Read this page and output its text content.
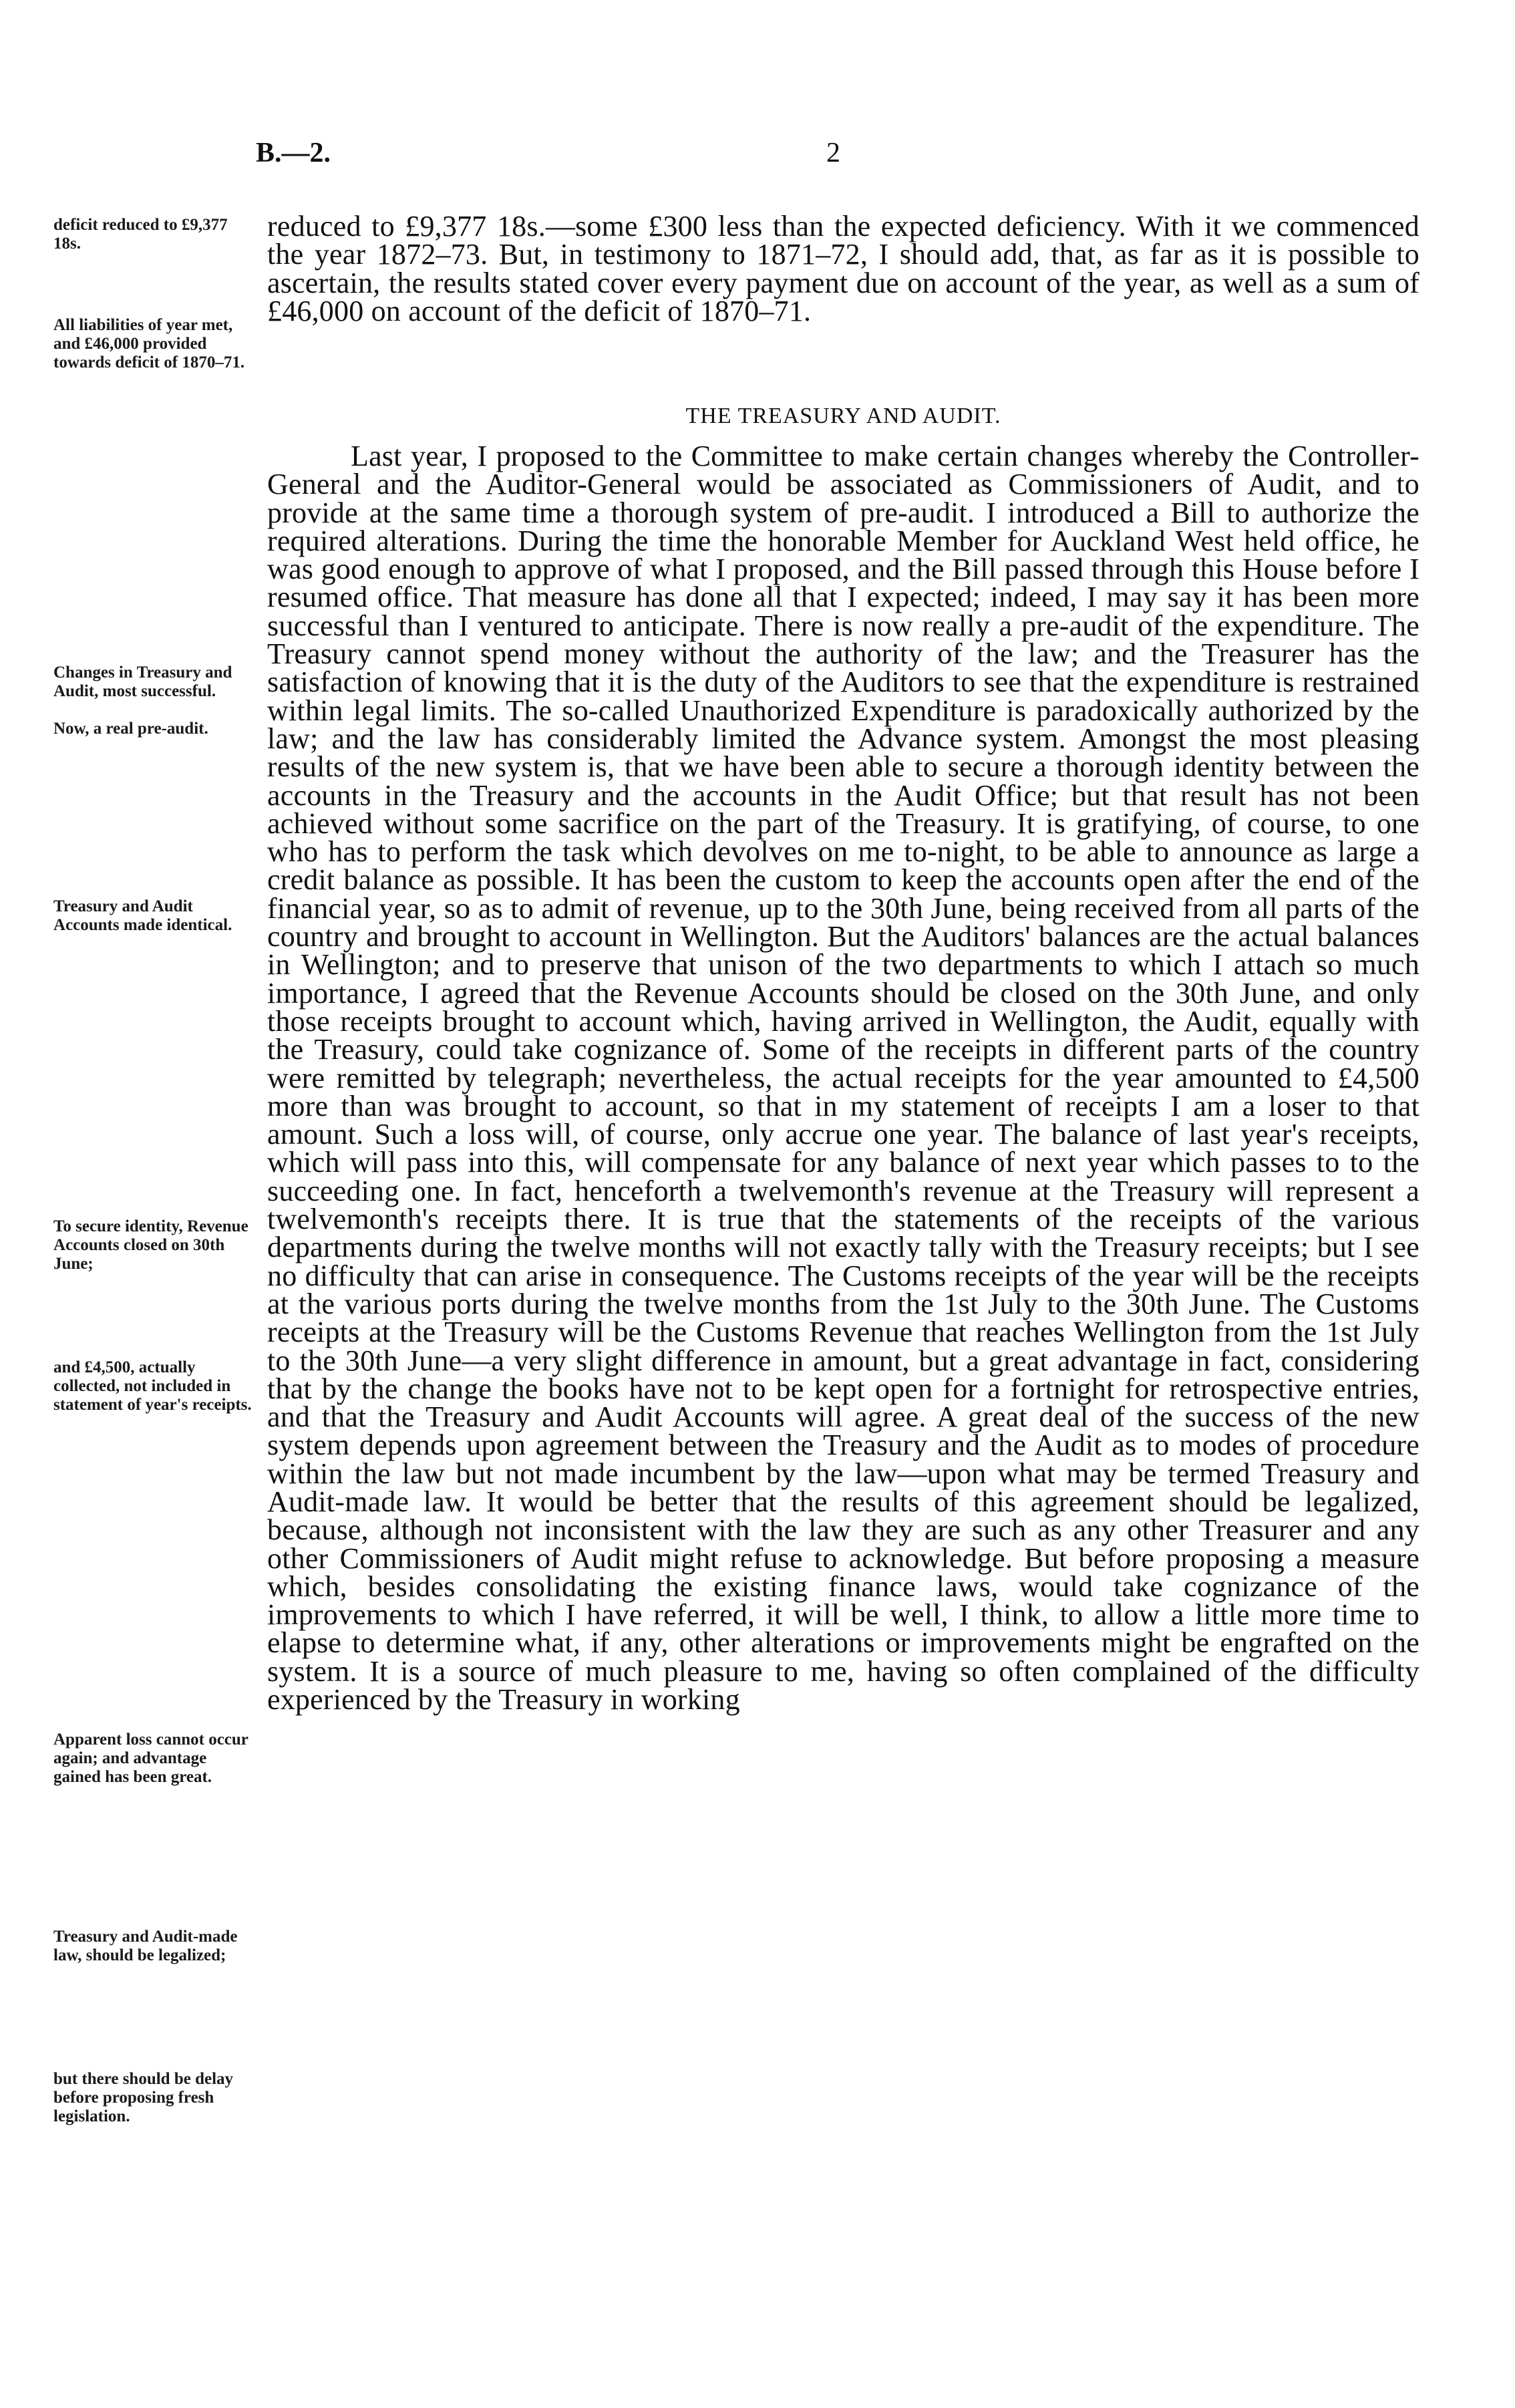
B.—2.	2
deficit reduced to £9,377 18s.
All liabilities of year met, and £46,000 provided towards deficit of 1870–71.
Changes in Treasury and Audit, most successful.
Now, a real pre-audit.
Treasury and Audit Accounts made identical.
To secure identity, Revenue Accounts closed on 30th June;
and £4,500, actually collected, not included in statement of year's receipts.
Apparent loss cannot occur again; and advantage gained has been great.
Treasury and Audit-made law, should be legalized;
but there should be delay before proposing fresh legislation.

reduced to £9,377 18s.—some £300 less than the expected deficiency. With it we commenced the year 1872–73. But, in testimony to 1871–72, I should add, that, as far as it is possible to ascertain, the results stated cover every payment due on account of the year, as well as a sum of £46,000 on account of the deficit of 1870–71.

THE TREASURY AND AUDIT.

Last year, I proposed to the Committee to make certain changes whereby the Controller-General and the Auditor-General would be associated as Commissioners of Audit, and to provide at the same time a thorough system of pre-audit. I introduced a Bill to authorize the required alterations. During the time the honorable Member for Auckland West held office, he was good enough to approve of what I proposed, and the Bill passed through this House before I resumed office. That measure has done all that I expected; indeed, I may say it has been more successful than I ventured to anticipate. There is now really a pre-audit of the expenditure. The Treasury cannot spend money without the authority of the law; and the Treasurer has the satisfaction of knowing that it is the duty of the Auditors to see that the expenditure is restrained within legal limits. The so-called Unauthorized Expenditure is paradoxically authorized by the law; and the law has considerably limited the Advance system. Amongst the most pleasing results of the new system is, that we have been able to secure a thorough identity between the accounts in the Treasury and the accounts in the Audit Office; but that result has not been achieved without some sacrifice on the part of the Treasury. It is gratifying, of course, to one who has to perform the task which devolves on me to-night, to be able to announce as large a credit balance as possible. It has been the custom to keep the accounts open after the end of the financial year, so as to admit of revenue, up to the 30th June, being received from all parts of the country and brought to account in Wellington. But the Auditors' balances are the actual balances in Wellington; and to preserve that unison of the two departments to which I attach so much importance, I agreed that the Revenue Accounts should be closed on the 30th June, and only those receipts brought to account which, having arrived in Wellington, the Audit, equally with the Treasury, could take cognizance of. Some of the receipts in different parts of the country were remitted by telegraph; nevertheless, the actual receipts for the year amounted to £4,500 more than was brought to account, so that in my statement of receipts I am a loser to that amount. Such a loss will, of course, only accrue one year. The balance of last year's receipts, which will pass into this, will compensate for any balance of next year which passes to to the succeeding one. In fact, henceforth a twelvemonth's revenue at the Treasury will represent a twelvemonth's receipts there. It is true that the statements of the receipts of the various departments during the twelve months will not exactly tally with the Treasury receipts; but I see no difficulty that can arise in consequence. The Customs receipts of the year will be the receipts at the various ports during the twelve months from the 1st July to the 30th June. The Customs receipts at the Treasury will be the Customs Revenue that reaches Wellington from the 1st July to the 30th June—a very slight difference in amount, but a great advantage in fact, considering that by the change the books have not to be kept open for a fortnight for retrospective entries, and that the Treasury and Audit Accounts will agree. A great deal of the success of the new system depends upon agreement between the Treasury and the Audit as to modes of procedure within the law but not made incumbent by the law—upon what may be termed Treasury and Audit-made law. It would be better that the results of this agreement should be legalized, because, although not inconsistent with the law they are such as any other Treasurer and any other Commissioners of Audit might refuse to acknowledge. But before proposing a measure which, besides consolidating the existing finance laws, would take cognizance of the improvements to which I have referred, it will be well, I think, to allow a little more time to elapse to determine what, if any, other alterations or improvements might be engrafted on the system. It is a source of much pleasure to me, having so often complained of the difficulty experienced by the Treasury in working
